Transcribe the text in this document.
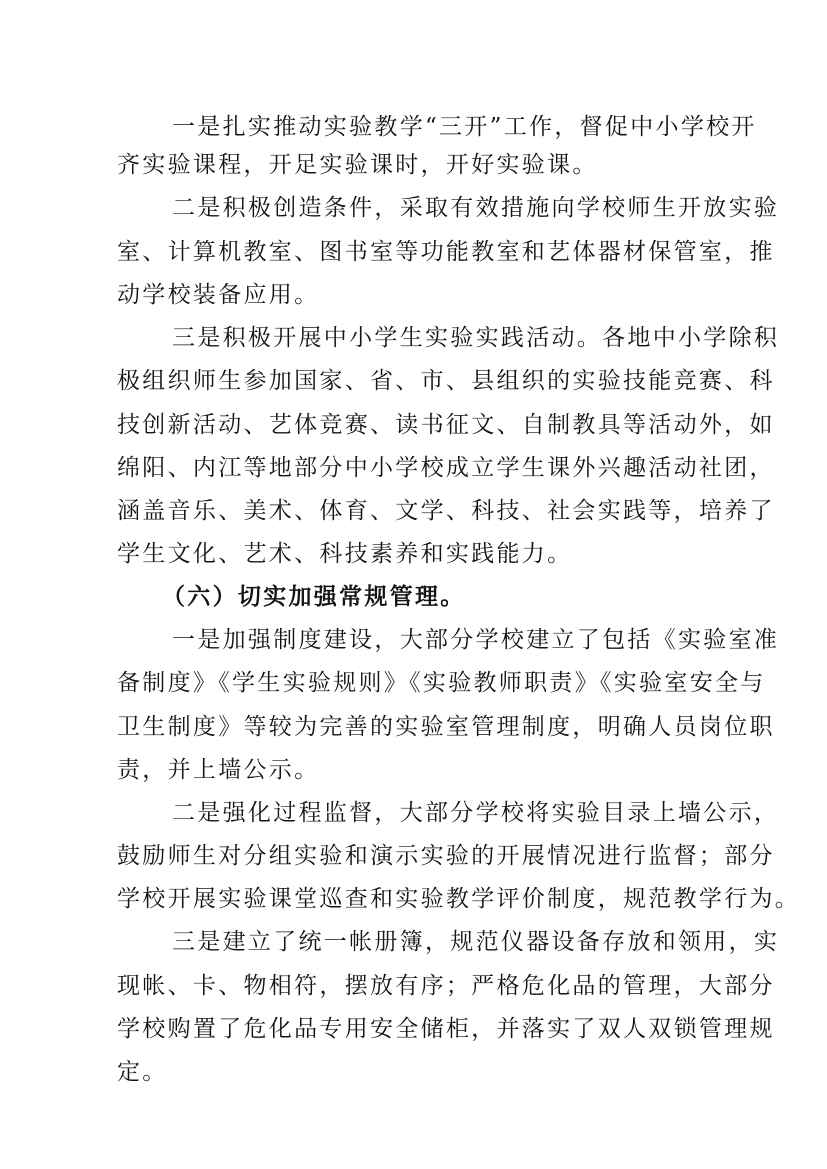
一是扎实推动实验教学“三开”工作，督促中小学校开
齐实验课程，开足实验课时，开好实验课。
二是积极创造条件，采取有效措施向学校师生开放实验
室、计算机教室、图书室等功能教室和艺体器材保管室，推
动学校装备应用。
三是积极开展中小学生实验实践活动。各地中小学除积
极组织师生参加国家、省、市、县组织的实验技能竞赛、科
技创新活动、艺体竞赛、读书征文、自制教具等活动外，如
绵阳、内江等地部分中小学校成立学生课外兴趣活动社团，
涵盖音乐、美术、体育、文学、科技、社会实践等，培养了
学生文化、艺术、科技素养和实践能力。
（六）切实加强常规管理。
一是加强制度建设，大部分学校建立了包括《实验室准
备制度》《学生实验规则》《实验教师职责》《实验室安全与
卫生制度》等较为完善的实验室管理制度，明确人员岗位职
责，并上墙公示。
二是强化过程监督，大部分学校将实验目录上墙公示，
鼓励师生对分组实验和演示实验的开展情况进行监督；部分
学校开展实验课堂巡查和实验教学评价制度，规范教学行为。
三是建立了统一帐册簿，规范仪器设备存放和领用，实
现帐、卡、物相符，摆放有序；严格危化品的管理，大部分
学校购置了危化品专用安全储柜，并落实了双人双锁管理规
定。
